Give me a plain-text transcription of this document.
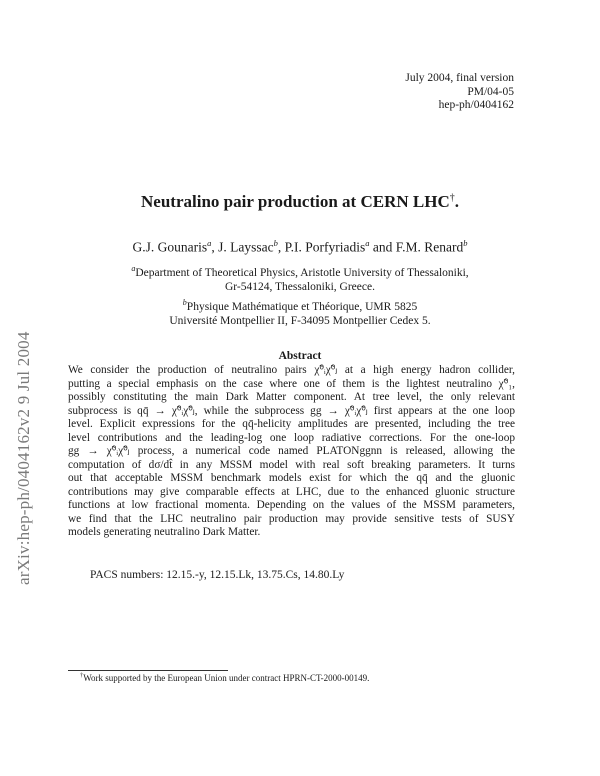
arXiv:hep-ph/0404162v2 9 Jul 2004
July 2004, final version
PM/04-05
hep-ph/0404162
Neutralino pair production at CERN LHC†.
G.J. Gounaris$^a$, J. Layssac$^b$, P.I. Porfyriadis$^a$ and F.M. Renard$^b$
$^a$Department of Theoretical Physics, Aristotle University of Thessaloniki,
Gr-54124, Thessaloniki, Greece.
$^b$Physique Mathématique et Théorique, UMR 5825
Université Montpellier II, F-34095 Montpellier Cedex 5.
Abstract
We consider the production of neutralino pairs χ̃⁰ᵢχ̃⁰ⱼ at a high energy hadron collider,
putting a special emphasis on the case where one of them is the lightest neutralino χ̃⁰₁,
possibly constituting the main Dark Matter component. At tree level, the only relevant
subprocess is qq̄ → χ̃⁰ᵢχ̃⁰ⱼ, while the subprocess gg → χ̃⁰ᵢχ̃⁰ⱼ first appears at the one loop
level. Explicit expressions for the qq̄-helicity amplitudes are presented, including the tree
level contributions and the leading-log one loop radiative corrections. For the one-loop
gg → χ̃⁰ᵢχ̃⁰ⱼ process, a numerical code named PLATONggnn is released, allowing the
computation of dσ/dt̂ in any MSSM model with real soft breaking parameters. It turns
out that acceptable MSSM benchmark models exist for which the qq̄ and the gluonic
contributions may give comparable effects at LHC, due to the enhanced gluonic structure
functions at low fractional momenta. Depending on the values of the MSSM parameters,
we find that the LHC neutralino pair production may provide sensitive tests of SUSY
models generating neutralino Dark Matter.
PACS numbers: 12.15.-y, 12.15.Lk, 13.75.Cs, 14.80.Ly
†Work supported by the European Union under contract HPRN-CT-2000-00149.
